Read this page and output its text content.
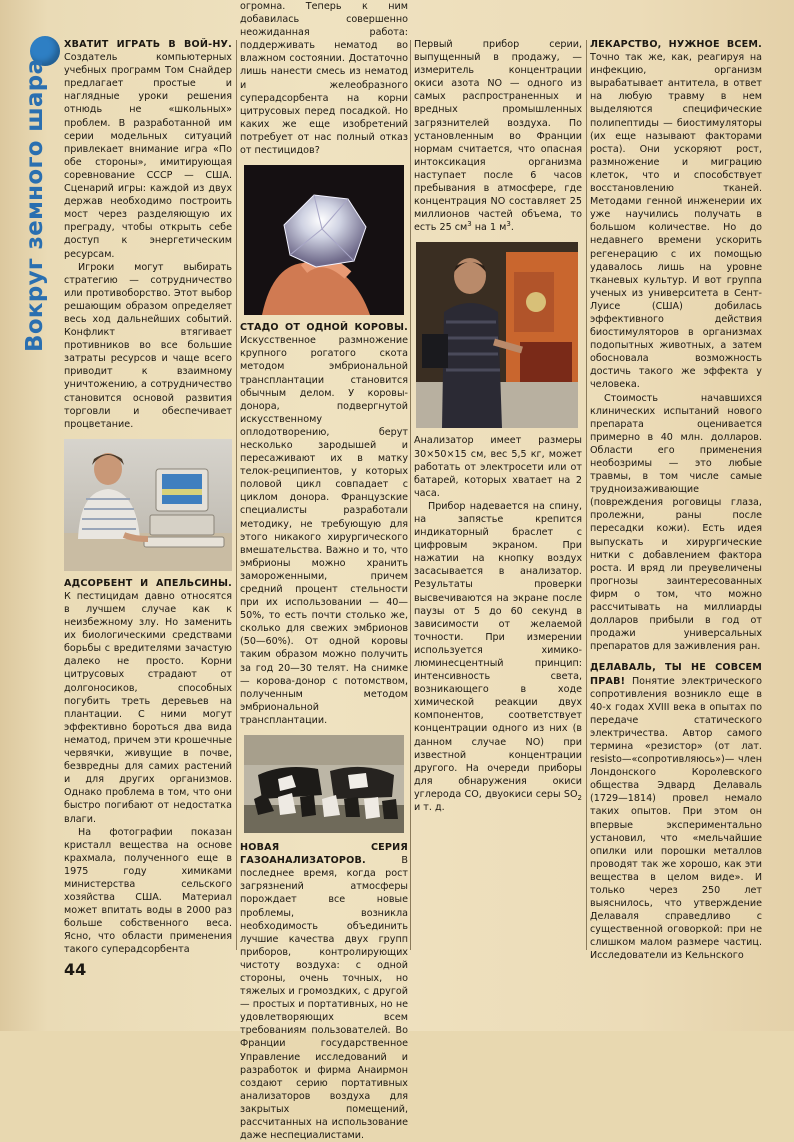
Вокруг земного шара

ХВАТИТ ИГРАТЬ В ВОЙ-НУ. Создатель компьютерных учебных программ Том Снайдер предлагает простые и наглядные уроки решения отнюдь не «школьных» проблем. В разработанной им серии модельных ситуаций привлекает внимание игра «По обе стороны», имитирующая соревнование СССР — США. Сценарий игры: каждой из двух держав необходимо построить мост через разделяющую их преграду, чтобы открыть себе доступ к энергетическим ресурсам.

Игроки могут выбирать стратегию — сотрудничество или противоборство. Этот выбор решающим образом определяет весь ход дальнейших событий. Конфликт втягивает противников во все большие затраты ресурсов и чаще всего приводит к взаимному уничтожению, а сотрудничество становится основой развития торговли и обеспечивает процветание.

АДСОРБЕНТ И АПЕЛЬСИНЫ. К пестицидам давно относятся в лучшем случае как к неизбежному злу. Но заменить их биологическими средствами борьбы с вредителями зачастую далеко не просто. Корни цитрусовых страдают от долгоносиков, способных погубить треть деревьев на плантации. С ними могут эффективно бороться два вида нематод, причем эти крошечные червячки, живущие в почве, безвредны для самих растений и для других организмов. Однако проблема в том, что они быстро погибают от недостатка влаги.

На фотографии показан кристалл вещества на основе крахмала, полученного еще в 1975 году химиками министерства сельского хозяйства США. Материал может впитать воды в 2000 раз больше собственного веса. Ясно, что области применения такого суперадсорбента

огромна. Теперь к ним добавилась совершенно неожиданная работа: поддерживать нематод во влажном состоянии. Достаточно лишь нанести смесь из нематод и желеобразного суперадсорбента на корни цитрусовых перед посадкой. Но каких же еще изобретений потребует от нас полный отказ от пестицидов?

СТАДО ОТ ОДНОЙ КОРОВЫ. Искусственное размножение крупного рогатого скота методом эмбриональной трансплантации становится обычным делом. У коровы-донора, подвергнутой искусственному оплодотворению, берут несколько зародышей и пересаживают их в матку телок-реципиентов, у которых половой цикл совпадает с циклом донора. Французские специалисты разработали методику, не требующую для этого никакого хирургического вмешательства. Важно и то, что эмбрионы можно хранить замороженными, причем средний процент стельности при их использовании — 40—50%, то есть почти столько же, сколько для свежих эмбрионов (50—60%). От одной коровы таким образом можно получить за год 20—30 телят. На снимке — корова-донор с потомством, полученным методом эмбриональной трансплантации.

НОВАЯ СЕРИЯ ГАЗОАНАЛИЗАТОРОВ.	В последнее время, когда рост загрязнений атмосферы порождает все новые проблемы, возникла необходимость объединить лучшие качества двух групп приборов, контролирующих чистоту воздуха: с одной стороны, очень точных, но тяжелых и громоздких, с другой — простых и портативных, но не удовлетворяющих всем требованиям пользователей. Во Франции государственное Управление исследований и разработок и фирма Анаирмон создают серию портативных анализаторов воздуха для закрытых помещений, рассчитанных на использование даже неспециалистами.

Первый прибор серии, выпущенный в продажу, — измеритель концентрации окиси азота NO — одного из самых распространенных и вредных промышленных загрязнителей воздуха. По установленным во Франции нормам считается, что опасная интоксикация организма наступает после 6 часов пребывания в атмосфере, где концентрация NO составляет 25 миллионов частей объема, то есть 25 $см^3$ на 1 $м^3$.

Анализатор имеет размеры 30×50×15 см, вес 5,5 кг, может работать от электросети или от батарей, которых хватает на 2 часа.

Прибор надевается на спину, на запястье крепится индикаторный браслет с цифровым экраном. При нажатии на кнопку воздух засасывается в анализатор. Результаты проверки высвечиваются на экране после паузы от 5 до 60 секунд в зависимости от желаемой точности. При измерении используется химико-люминесцентный принцип: интенсивность света, возникающего в ходе химической реакции двух компонентов, соответствует концентрации одного из них (в данном случае NO) при известной концентрации другого. На очереди приборы для обнаружения окиси углерода CO, двуокиси серы $SO_2$ и т. д.

ЛЕКАРСТВО, НУЖНОЕ ВСЕМ. Точно так же, как, реагируя на инфекцию, организм вырабатывает антитела, в ответ на любую травму в нем выделяются специфические полипептиды — биостимуляторы (их еще называют факторами роста). Они ускоряют рост, размножение и миграцию клеток, что и способствует восстановлению тканей. Методами генной инженерии их уже научились получать в большом количестве. Но до недавнего времени ускорить регенерацию с их помощью удавалось лишь на уровне тканевых культур. И вот группа ученых из университета в Сент-Луисе (США) добилась эффективного действия биостимуляторов в организмах подопытных животных, а затем обосновала возможность достичь такого же эффекта у человека.

Стоимость начавшихся клинических испытаний нового препарата оценивается примерно в 40 млн. долларов. Области его применения необозримы — это любые травмы, в том числе самые трудноизаживающие (повреждения роговицы глаза, пролежни, раны после пересадки кожи). Есть идея выпускать и хирургические нитки с добавлением фактора роста. И вряд ли преувеличены прогнозы заинтересованных фирм о том, что можно рассчитывать на миллиарды долларов прибыли в год от продажи универсальных препаратов для заживления ран.

ДЕЛАВАЛЬ, ТЫ НЕ СОВСЕМ ПРАВ! Понятие электрического сопротивления возникло еще в 40-х годах XVIII века в опытах по передаче статического электричества. Автор самого термина «резистор» (от лат. resisto—«сопротивляюсь»)— член Лондонского Королевского общества Эдвард Делаваль (1729—1814) провел немало таких опытов. При этом он впервые экспериментально установил, что «мельчайшие опилки или порошки металлов проводят так же хорошо, как эти вещества в целом виде». И только через 250 лет выяснилось, что утверждение Делаваля справедливо с существенной оговоркой: при не слишком малом размере частиц. Исследователи из Кельнского

44
